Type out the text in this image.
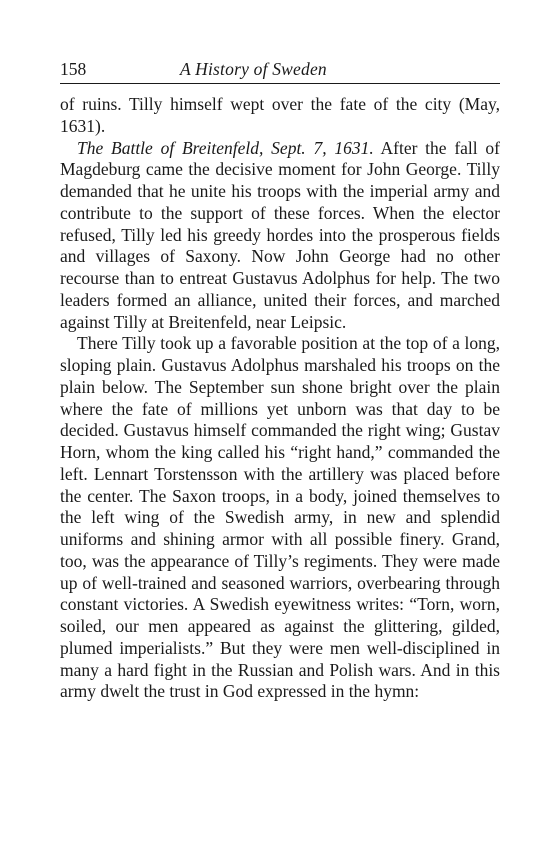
158	A History of Sweden

of ruins. Tilly himself wept over the fate of the city (May, 1631).

The Battle of Breitenfeld, Sept. 7, 1631. After the fall of Magdeburg came the decisive moment for John George. Tilly demanded that he unite his troops with the imperial army and contribute to the support of these forces. When the elector refused, Tilly led his greedy hordes into the prosperous fields and villages of Saxony. Now John George had no other recourse than to entreat Gustavus Adolphus for help. The two leaders formed an alliance, united their forces, and marched against Tilly at Breitenfeld, near Leipsic.

There Tilly took up a favorable position at the top of a long, sloping plain. Gustavus Adolphus marshaled his troops on the plain below. The September sun shone bright over the plain where the fate of millions yet unborn was that day to be decided. Gustavus himself commanded the right wing; Gustav Horn, whom the king called his “right hand,” commanded the left. Lennart Torstensson with the artillery was placed before the center. The Saxon troops, in a body, joined themselves to the left wing of the Swedish army, in new and splendid uniforms and shining armor with all possible finery. Grand, too, was the appearance of Tilly’s regiments. They were made up of well-trained and seasoned warriors, overbearing through constant victories. A Swedish eyewitness writes: “Torn, worn, soiled, our men appeared as against the glittering, gilded, plumed imperialists.” But they were men well-disciplined in many a hard fight in the Russian and Polish wars. And in this army dwelt the trust in God expressed in the hymn:
